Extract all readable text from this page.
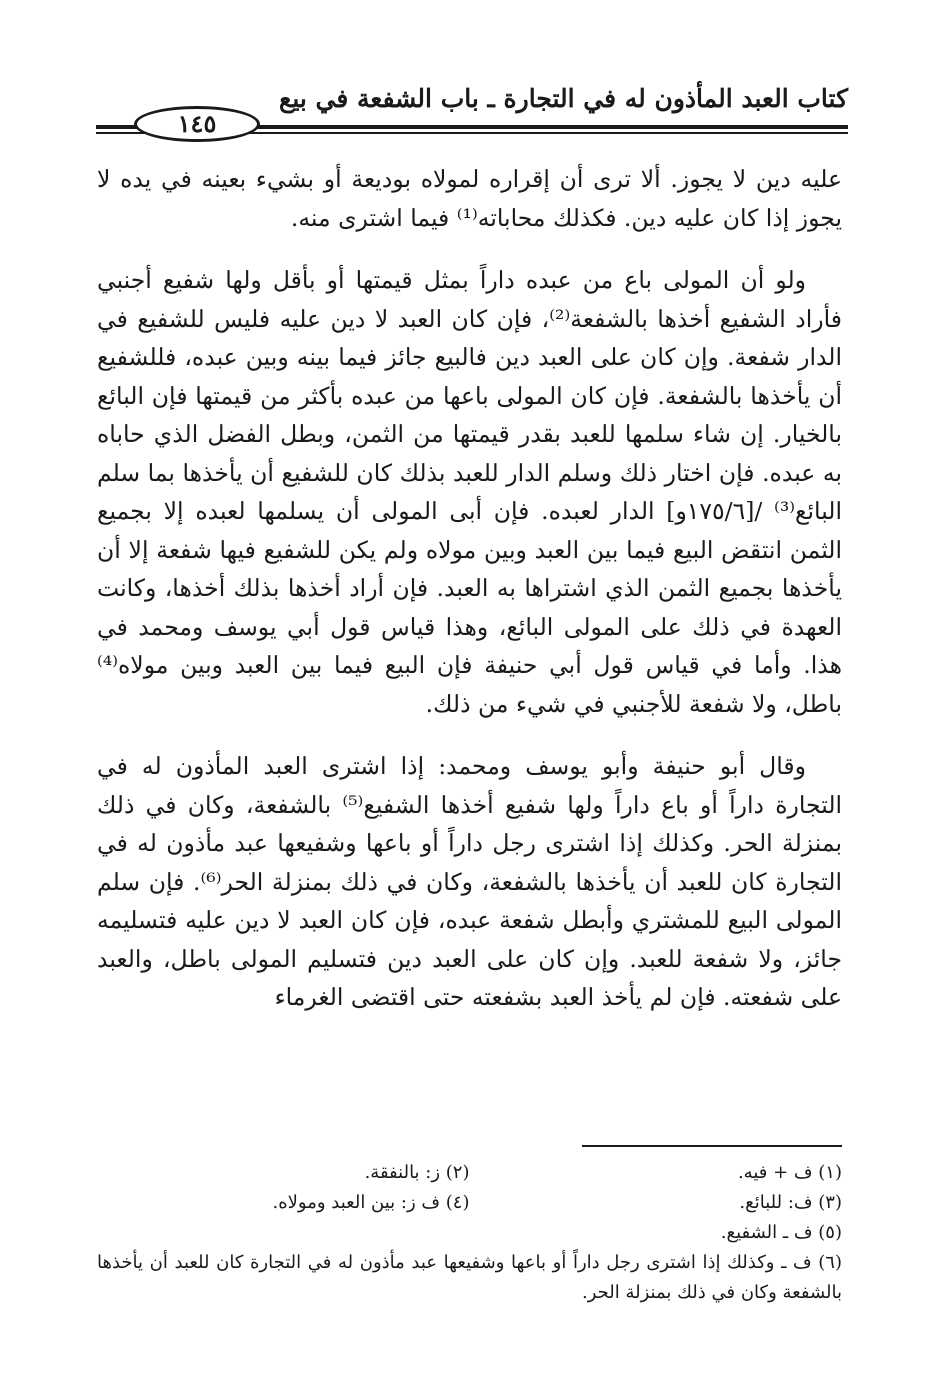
كتاب العبد المأذون له في التجارة ـ باب الشفعة في بيع
١٤٥

عليه دين لا يجوز. ألا ترى أن إقراره لمولاه بوديعة أو بشيء بعينه في يده لا يجوز إذا كان عليه دين. فكذلك محاباته⁽¹⁾ فيما اشترى منه.

ولو أن المولى باع من عبده داراً بمثل قيمتها أو بأقل ولها شفيع أجنبي فأراد الشفيع أخذها بالشفعة⁽²⁾، فإن كان العبد لا دين عليه فليس للشفيع في الدار شفعة. وإن كان على العبد دين فالبيع جائز فيما بينه وبين عبده، فللشفيع أن يأخذها بالشفعة. فإن كان المولى باعها من عبده بأكثر من قيمتها فإن البائع بالخيار. إن شاء سلمها للعبد بقدر قيمتها من الثمن، وبطل الفضل الذي حاباه به عبده. فإن اختار ذلك وسلم الدار للعبد بذلك كان للشفيع أن يأخذها بما سلم البائع⁽³⁾ /[١٧٥/٦و] الدار لعبده. فإن أبى المولى أن يسلمها لعبده إلا بجميع الثمن انتقض البيع فيما بين العبد وبين مولاه ولم يكن للشفيع فيها شفعة إلا أن يأخذها بجميع الثمن الذي اشتراها به العبد. فإن أراد أخذها بذلك أخذها، وكانت العهدة في ذلك على المولى البائع، وهذا قياس قول أبي يوسف ومحمد في هذا. وأما في قياس قول أبي حنيفة فإن البيع فيما بين العبد وبين مولاه⁽⁴⁾ باطل، ولا شفعة للأجنبي في شيء من ذلك.

وقال أبو حنيفة وأبو يوسف ومحمد: إذا اشترى العبد المأذون له في التجارة داراً أو باع داراً ولها شفيع أخذها الشفيع⁽⁵⁾ بالشفعة، وكان في ذلك بمنزلة الحر. وكذلك إذا اشترى رجل داراً أو باعها وشفيعها عبد مأذون له في التجارة كان للعبد أن يأخذها بالشفعة، وكان في ذلك بمنزلة الحر⁽⁶⁾. فإن سلم المولى البيع للمشتري وأبطل شفعة عبده، فإن كان العبد لا دين عليه فتسليمه جائز، ولا شفعة للعبد. وإن كان على العبد دين فتسليم المولى باطل، والعبد على شفعته. فإن لم يأخذ العبد بشفعته حتى اقتضى الغرماء

(١) ف + فيه.
(٢) ز: بالنفقة.
(٣) ف: للبائع.
(٤) ف ز: بين العبد ومولاه.
(٥) ف ـ الشفيع.
(٦) ف ـ وكذلك إذا اشترى رجل داراً أو باعها وشفيعها عبد مأذون له في التجارة كان للعبد أن يأخذها بالشفعة وكان في ذلك بمنزلة الحر.
